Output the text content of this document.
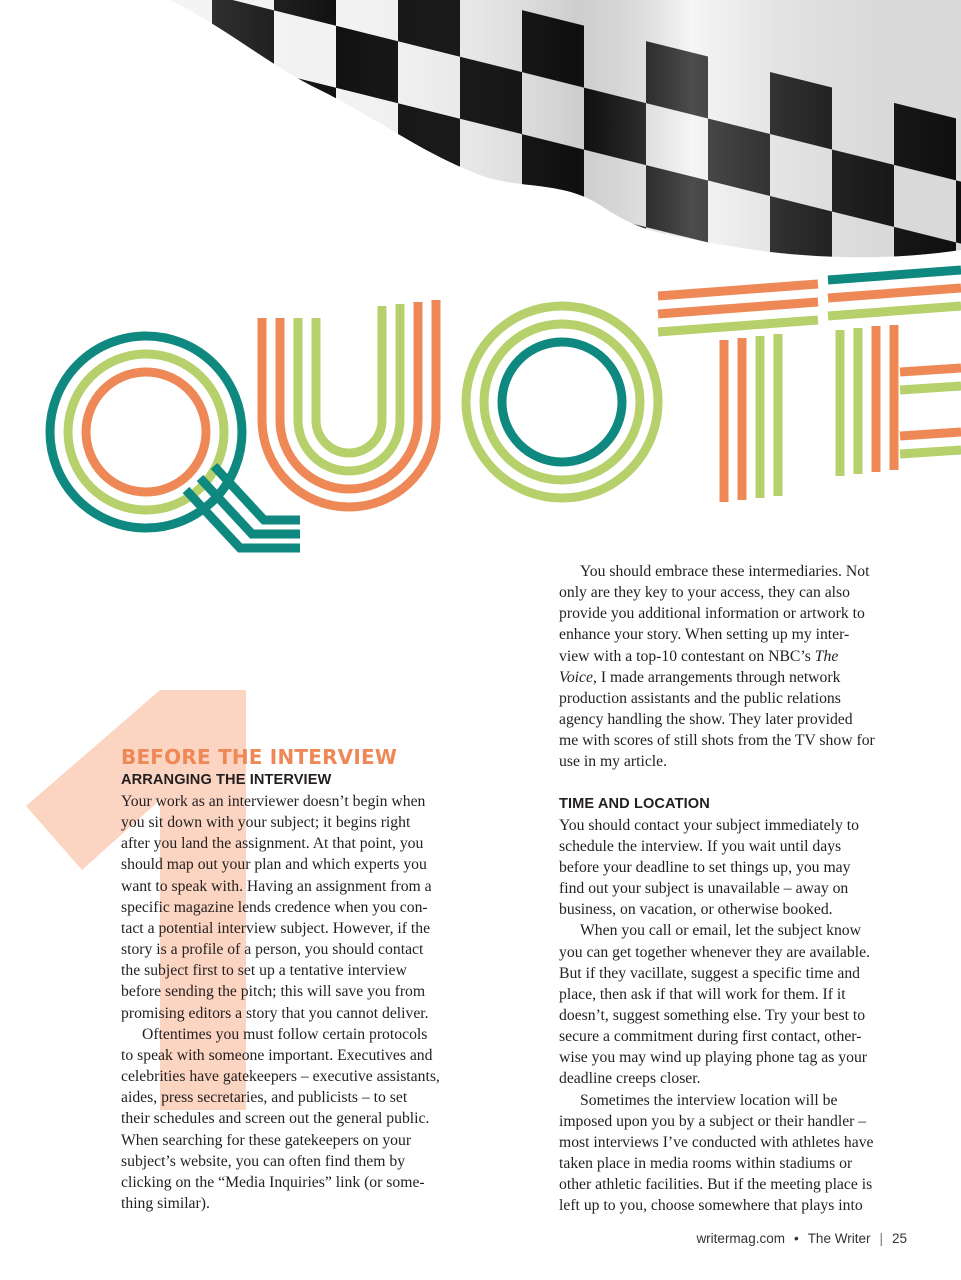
BEFORE THE INTERVIEW
ARRANGING THE INTERVIEW

Your work as an interviewer doesn’t begin when
you sit down with your subject; it begins right
after you land the assignment. At that point, you
should map out your plan and which experts you
want to speak with. Having an assignment from a
specific magazine lends credence when you con-
tact a potential interview subject. However, if the
story is a profile of a person, you should contact
the subject first to set up a tentative interview
before sending the pitch; this will save you from
promising editors a story that you cannot deliver.

Oftentimes you must follow certain protocols
to speak with someone important. Executives and
celebrities have gatekeepers – executive assistants,
aides, press secretaries, and publicists – to set
their schedules and screen out the general public.
When searching for these gatekeepers on your
subject’s website, you can often find them by
clicking on the “Media Inquiries” link (or some-
thing similar).

You should embrace these intermediaries. Not
only are they key to your access, they can also
provide you additional information or artwork to
enhance your story. When setting up my inter-
view with a top-10 contestant on NBC’s The
Voice, I made arrangements through network
production assistants and the public relations
agency handling the show. They later provided
me with scores of still shots from the TV show for
use in my article.

TIME AND LOCATION

You should contact your subject immediately to
schedule the interview. If you wait until days
before your deadline to set things up, you may
find out your subject is unavailable – away on
business, on vacation, or otherwise booked.

When you call or email, let the subject know
you can get together whenever they are available.
But if they vacillate, suggest a specific time and
place, then ask if that will work for them. If it
doesn’t, suggest something else. Try your best to
secure a commitment during first contact, other-
wise you may wind up playing phone tag as your
deadline creeps closer.

Sometimes the interview location will be
imposed upon you by a subject or their handler –
most interviews I’ve conducted with athletes have
taken place in media rooms within stadiums or
other athletic facilities. But if the meeting place is
left up to you, choose somewhere that plays into

writermag.com • The Writer | 25
